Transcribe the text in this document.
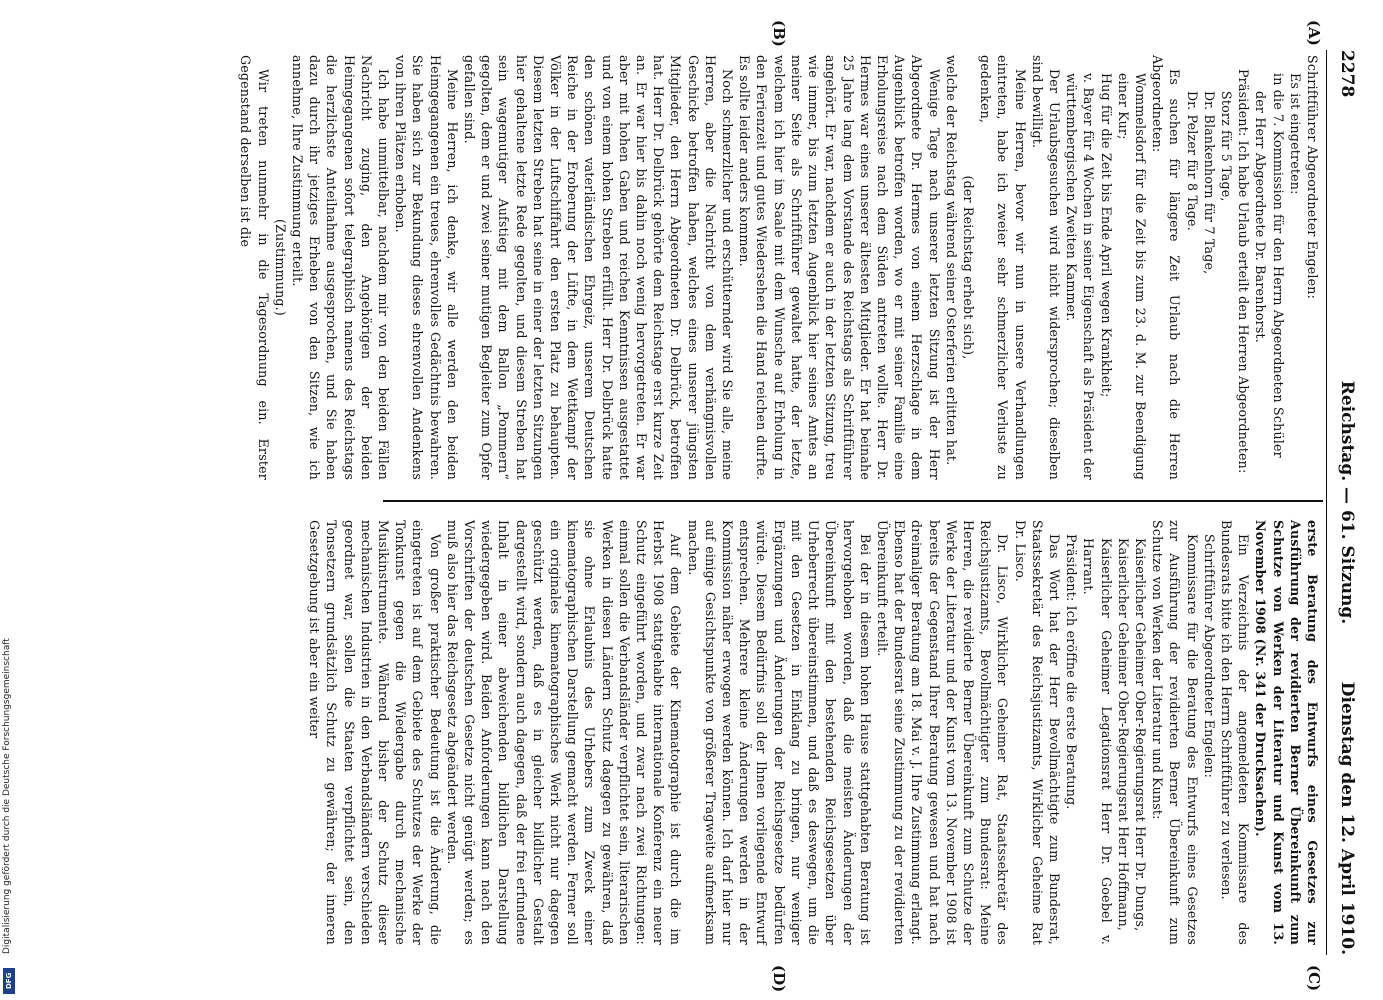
2278
Reichstag. — 61. Sitzung.
Dienstag den 12. April 1910.
(A)
(B)
(C)
(D)

Schriftführer Abgeordneter Engelen:

Es ist eingetreten:

in die 7. Kommission für den Herrn Abgeordneten Schüler

der Herr Abgeordnete Dr. Barenhorst.

Präsident: Ich habe Urlaub erteilt den Herren Abgeordneten:

Storz für 5 Tage,

Dr. Blankenhorn für 7 Tage,

Dr. Pelzer für 8 Tage.

Es suchen für längere Zeit Urlaub nach die Herren Abgeordneten:

Wommelsdorf für die Zeit bis zum 23. d. M. zur Beendigung einer Kur;

Hug für die Zeit bis Ende April wegen Krankheit;

v. Bayer für 4 Wochen in seiner Eigenschaft als Präsident der württembergischen Zweiten Kammer.

Der Urlaubsgesuchen wird nicht widersprochen; dieselben sind bewilligt.

Meine Herren, bevor wir nun in unsere Verhandlungen eintreten, habe ich zweier sehr schmerzlicher Verluste zu gedenken,

(der Reichstag erhebt sich),

welche der Reichstag während seiner Osterferien erlitten hat.

Wenige Tage nach unserer letzten Sitzung ist der Herr Abgeordnete Dr. Hermes von einem Herzschlage in dem Augenblick betroffen worden, wo er mit seiner Familie eine Erholungsreise nach dem Süden antreten wollte. Herr Dr. Hermes war eines unserer ältesten Mitglieder. Er hat beinahe 25 Jahre lang dem Vorstande des Reichstags als Schriftführer angehört. Er war, nachdem er auch in der letzten Sitzung, treu wie immer, bis zum letzten Augenblick hier seines Amtes an meiner Seite als Schriftführer gewaltet hatte, der letzte, welchem ich hier im Saale mit dem Wunsche auf Erholung in den Ferienzeit und gutes Wiedersehen die Hand reichen durfte. Es sollte leider anders kommen.

Noch schmerzlicher und erschütternder wird Sie alle, meine Herren, aber die Nachricht von dem verhängnisvollen Geschicke betroffen haben, welches eines unserer jüngsten Mitglieder, den Herrn Abgeordneten Dr. Delbrück, betroffen hat. Herr Dr. Delbrück gehörte dem Reichstage erst kurze Zeit an. Er war hier bis dahin noch wenig hervorgetreten. Er war aber mit hohen Gaben und reichen Kenntnissen ausgestattet und von einem hohen Streben erfüllt. Herr Dr. Delbrück hatte den schönen vaterländischen Ehrgeiz, unserem Deutschen Reiche in der Eroberung der Lüfte, in dem Wettkampf der Völker in der Luftschiffahrt den ersten Platz zu behaupten. Diesem letzten Streben hat seine in einer der letzten Sitzungen hier gehaltene letzte Rede gegolten, und diesem Streben hat sein wagemutiger Aufstieg mit dem Ballon „Pommern“ gegolten, dem er und zwei seiner mutigen Begleiter zum Opfer gefallen sind.

Meine Herren, ich denke, wir alle werden den beiden Heimgegangenen ein treues, ehrenvolles Gedächtnis bewahren. Sie haben sich zur Bekundung dieses ehrenvollen Andenkens von ihren Plätzen erhoben.

Ich habe unmittelbar, nachdem mir von den beiden Fällen Nachricht zuging, den Angehörigen der beiden Heimgegangenen sofort telegraphisch namens des Reichstags die herzlichste Anteilnahme ausgesprochen, und Sie haben dazu durch ihr jetziges Erheben von den Sitzen, wie ich annehme, Ihre Zustimmung erteilt.

(Zustimmung.)

Wir treten nunmehr in die Tagesordnung ein. Erster Gegenstand derselben ist die

erste Beratung des Entwurfs eines Gesetzes zur Ausführung der revidierten Berner Übereinkunft zum Schutze von Werken der Literatur und Kunst vom 13. November 1908 (Nr. 341 der Drucksachen).

Ein Verzeichnis der angemeldeten Kommissare des Bundesrats bitte ich den Herrn Schriftführer zu verlesen.

Schriftführer Abgeordneter Engelen:

Kommissare für die Beratung des Entwurfs eines Gesetzes zur Ausführung der revidierten Berner Übereinkunft zum Schutze von Werken der Literatur und Kunst:

Kaiserlicher Geheimer Ober-Regierungsrat Herr Dr. Dungs,

Kaiserlicher Geheimer Ober-Regierungsrat Herr Hoffmann,

Kaiserlicher Geheimer Legationsrat Herr Dr. Goebel v. Harrant.

Präsident: Ich eröffne die erste Beratung.

Das Wort hat der Herr Bevollmächtigte zum Bundesrat, Staatssekretär des Reichsjustizamts, Wirklicher Geheime Rat Dr. Lisco.

Dr. Lisco, Wirklicher Geheimer Rat, Staatssekretär des Reichsjustizamts, Bevollmächtigter zum Bundesrat: Meine Herren, die revidierte Berner Übereinkunft zum Schutze der Werke der Literatur und der Kunst vom 13. November 1908 ist bereits der Gegenstand Ihrer Beratung gewesen und hat nach dreimaliger Beratung am 18. Mai v. J. Ihre Zustimmung erlangt. Ebenso hat der Bundesrat seine Zustimmung zu der revidierten Übereinkunft erteilt.

Bei der in diesem hohen Hause stattgehabten Beratung ist hervorgehoben worden, daß die meisten Änderungen der Übereinkunft mit den bestehenden Reichsgesetzen über Urheberrecht übereinstimmen, und daß es deswegen, um die mit den Gesetzen in Einklang zu bringen, nur weniger Ergänzungen und Änderungen der Reichsgesetze bedürfen würde. Diesem Bedürfnis soll der Ihnen vorliegende Entwurf entsprechen. Mehrere kleine Änderungen werden in der Kommission näher erwogen werden können. Ich darf hier nur auf einige Gesichtspunkte von größerer Tragweite aufmerksam machen.

Auf dem Gebiete der Kinematographie ist durch die im Herbst 1908 stattgehabte internationale Konferenz ein neuer Schutz eingeführt worden, und zwar nach zwei Richtungen: einmal sollen die Verbandsländer verpflichtet sein, literarischen Werken in diesen Ländern Schutz dagegen zu gewähren, daß sie ohne Erlaubnis des Urhebers zum Zweck einer kinematographischen Darstellung gemacht werden. Ferner soll ein originales kinematographisches Werk nicht nur dagegen geschützt werden, daß es in gleicher bildlicher Gestalt dargestellt wird, sondern auch dagegen, daß der frei erfundene Inhalt in einer abweichenden bildlichen Darstellung wiedergegeben wird. Beiden Anforderungen kann nach den Vorschriften der deutschen Gesetze nicht genügt werden; es muß also hier das Reichsgesetz abgeändert werden.

Von großer praktischer Bedeutung ist die Änderung, die eingetreten ist auf dem Gebiete des Schutzes der Werke der Tonkunst gegen die Wiedergabe durch mechanische Musikinstrumente. Während bisher der Schutz dieser mechanischen Industrien in den Verbandsländern verschieden geordnet war, sollen die Staaten verpflichtet sein, den Tonsetzern grundsätzlich Schutz zu gewähren; der inneren Gesetzgebung ist aber ein weiter

Digitalisierung gefördert durch die Deutsche Forschungsgemeinschaft
DFG
